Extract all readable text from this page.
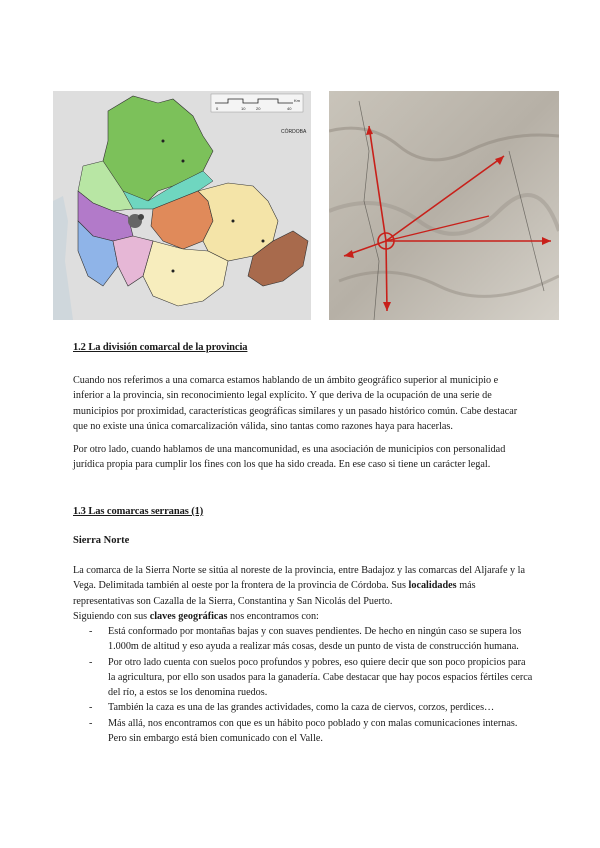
0	10	20	40
Km
CÓRDOBA
1.2 La división comarcal de la provincia
Cuando nos referimos a una comarca estamos hablando de un ámbito geográfico superior al municipio e inferior a la provincia, sin reconocimiento legal explícito. Y que deriva de la ocupación de una serie de municipios por proximidad, características geográficas similares y un pasado histórico común. Cabe destacar que no existe una única comarcalización válida, sino tantas como razones haya para hacerlas.
Por otro lado, cuando hablamos de una mancomunidad, es una asociación de municipios con personalidad jurídica propia para cumplir los fines con los que ha sido creada. En ese caso si tiene un carácter legal.
1.3 Las comarcas serranas (1)
Sierra Norte
La comarca de la Sierra Norte se sitúa al noreste de la provincia, entre Badajoz y las comarcas del Aljarafe y la Vega. Delimitada también al oeste por la frontera de la provincia de Córdoba. Sus localidades más representativas son Cazalla de la Sierra, Constantina y San Nicolás del Puerto.
Siguiendo con sus claves geográficas nos encontramos con:
- Está conformado por montañas bajas y con suaves pendientes. De hecho en ningún caso se supera los 1.000m de altitud y eso ayuda a realizar más cosas, desde un punto de vista de construcción humana.
- Por otro lado cuenta con suelos poco profundos y pobres, eso quiere decir que son poco propicios para la agricultura, por ello son usados para la ganadería. Cabe destacar que hay pocos espacios fértiles cerca del río, a estos se los denomina ruedos.
- También la caza es una de las grandes actividades, como la caza de ciervos, corzos, perdices…
- Más allá, nos encontramos con que es un hábito poco poblado y con malas comunicaciones internas. Pero sin embargo está bien comunicado con el Valle.
